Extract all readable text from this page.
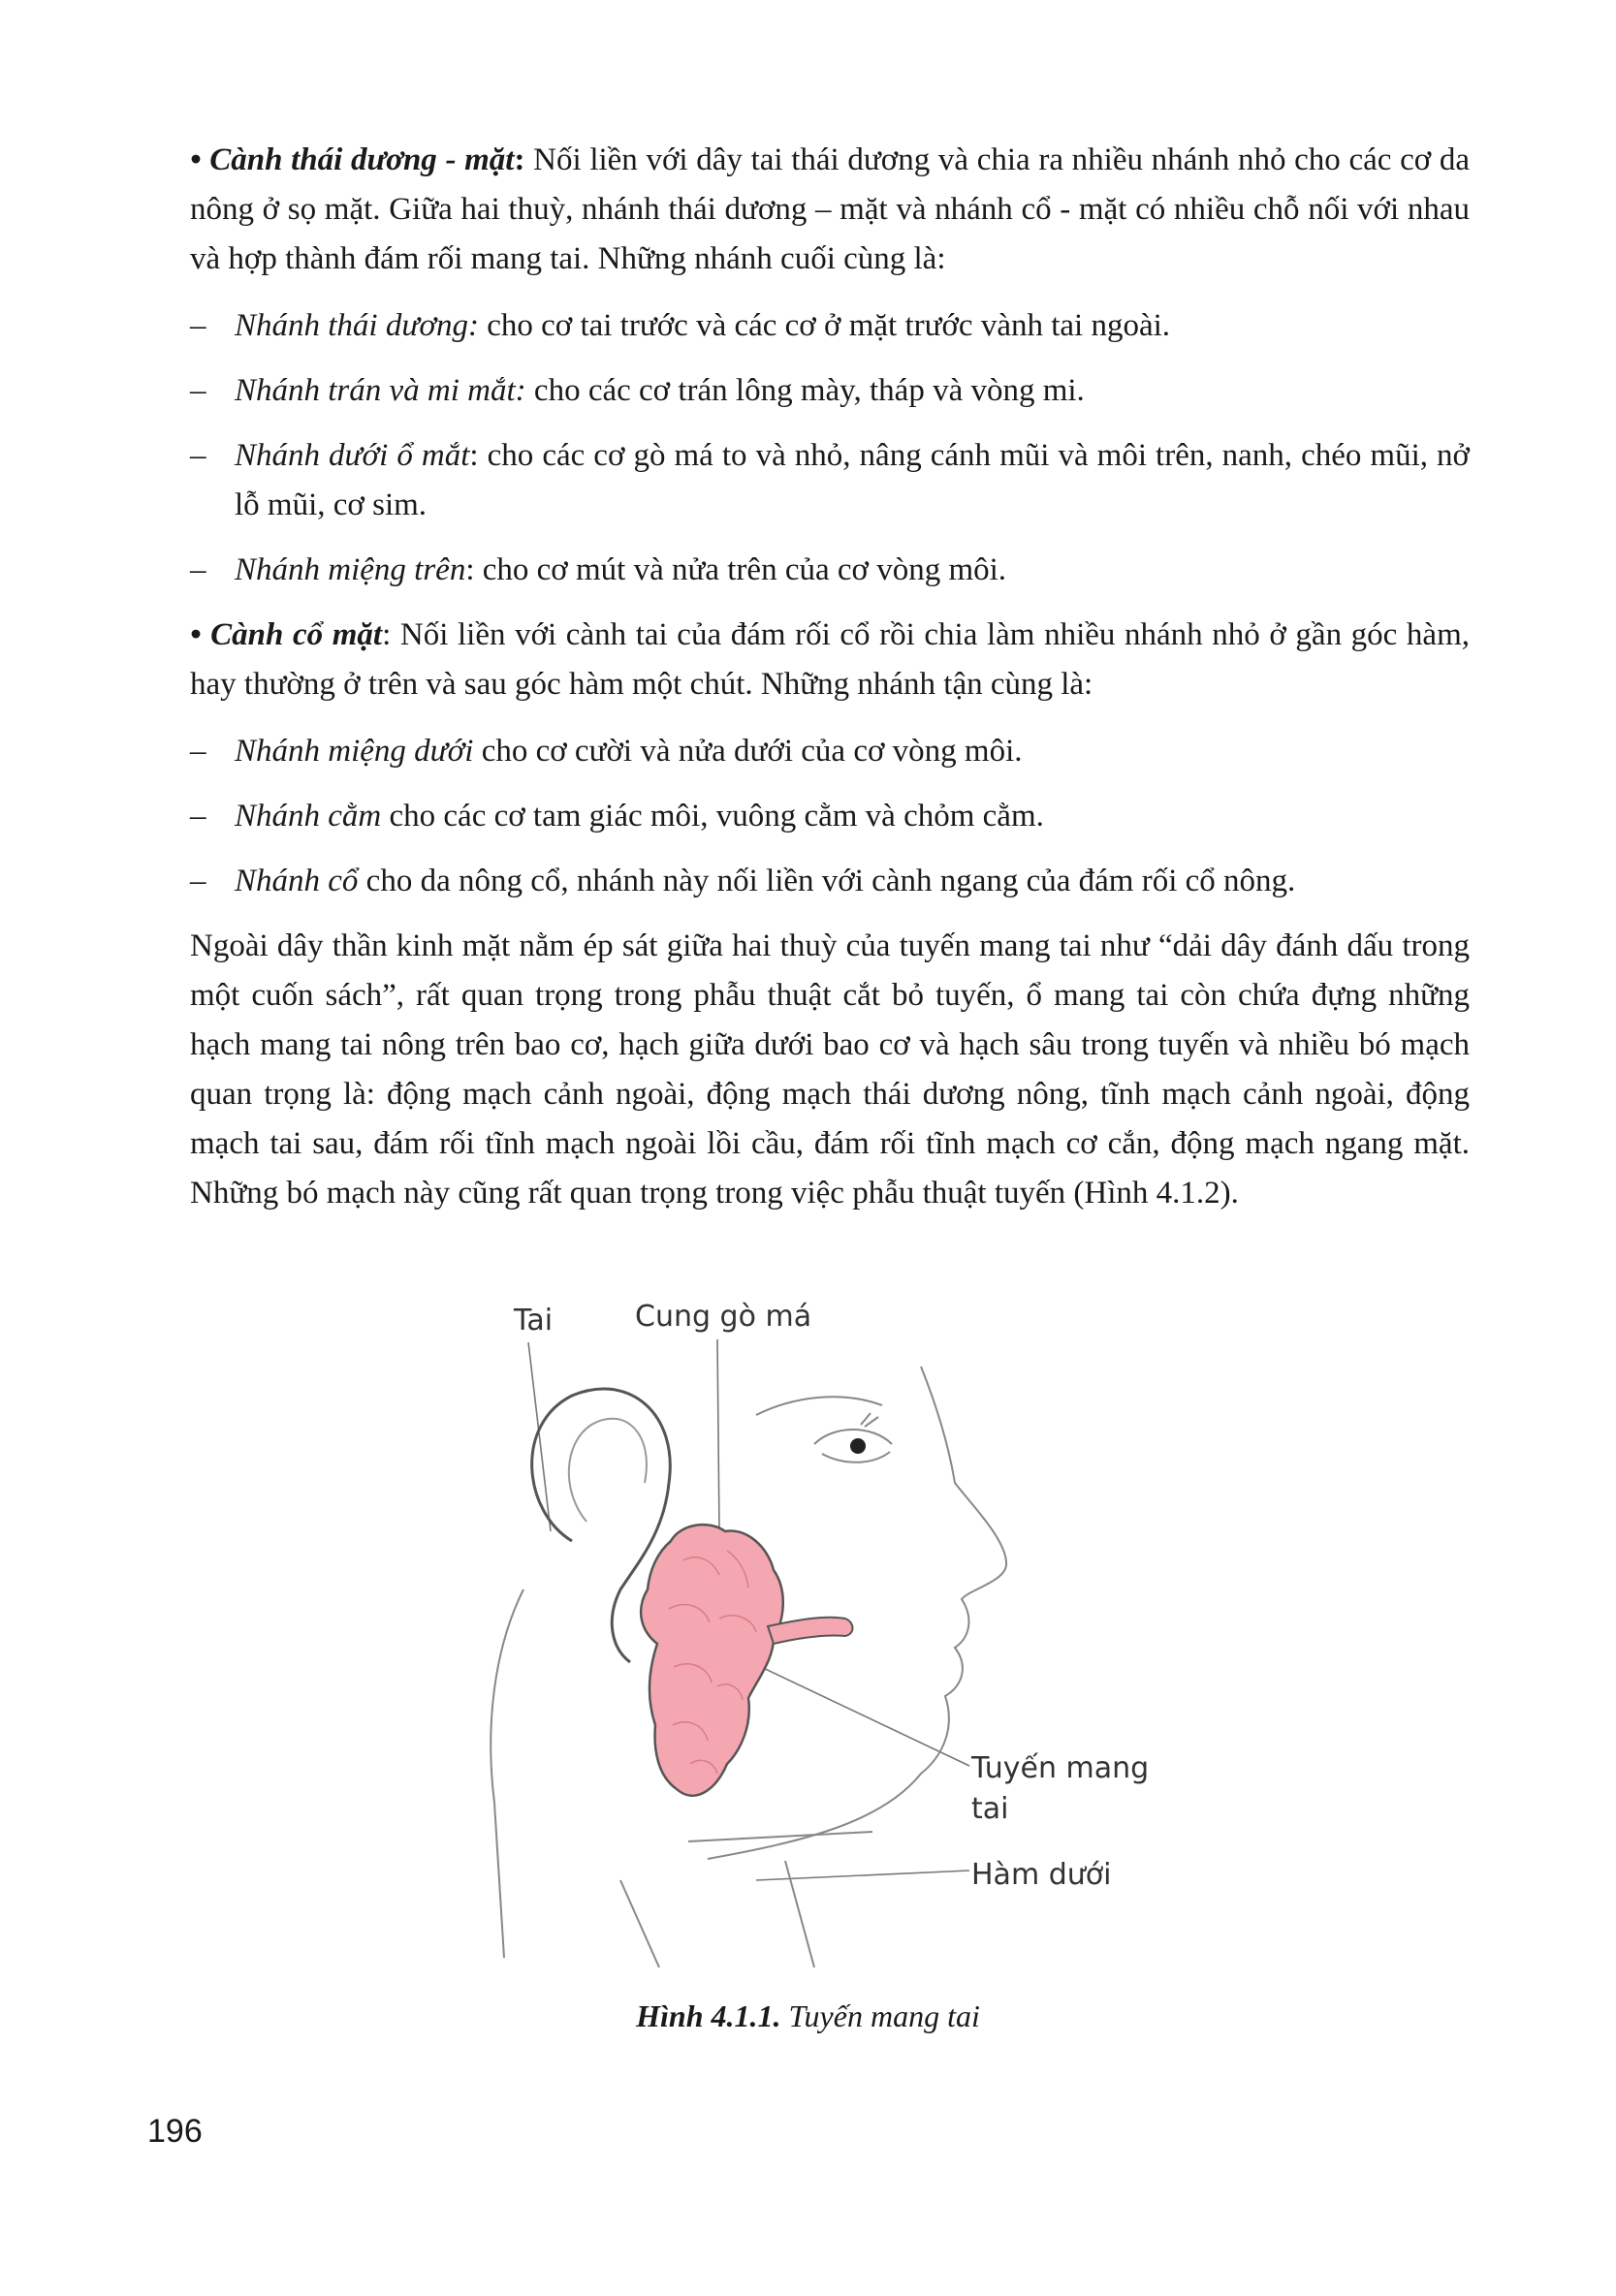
• Cành thái dương - mặt: Nối liền với dây tai thái dương và chia ra nhiều nhánh nhỏ cho các cơ da nông ở sọ mặt. Giữa hai thuỳ, nhánh thái dương – mặt và nhánh cổ - mặt có nhiều chỗ nối với nhau và hợp thành đám rối mang tai. Những nhánh cuối cùng là:

– Nhánh thái dương: cho cơ tai trước và các cơ ở mặt trước vành tai ngoài.

– Nhánh trán và mi mắt: cho các cơ trán lông mày, tháp và vòng mi.

– Nhánh dưới ổ mắt: cho các cơ gò má to và nhỏ, nâng cánh mũi và môi trên, nanh, chéo mũi, nở lỗ mũi, cơ sim.

– Nhánh miệng trên: cho cơ mút và nửa trên của cơ vòng môi.

• Cành cổ mặt: Nối liền với cành tai của đám rối cổ rồi chia làm nhiều nhánh nhỏ ở gần góc hàm, hay thường ở trên và sau góc hàm một chút. Những nhánh tận cùng là:

– Nhánh miệng dưới cho cơ cười và nửa dưới của cơ vòng môi.

– Nhánh cằm cho các cơ tam giác môi, vuông cằm và chỏm cằm.

– Nhánh cổ cho da nông cổ, nhánh này nối liền với cành ngang của đám rối cổ nông.

Ngoài dây thần kinh mặt nằm ép sát giữa hai thuỳ của tuyến mang tai như “dải dây đánh dấu trong một cuốn sách”, rất quan trọng trong phẫu thuật cắt bỏ tuyến, ổ mang tai còn chứa đựng những hạch mang tai nông trên bao cơ, hạch giữa dưới bao cơ và hạch sâu trong tuyến và nhiều bó mạch quan trọng là: động mạch cảnh ngoài, động mạch thái dương nông, tĩnh mạch cảnh ngoài, động mạch tai sau, đám rối tĩnh mạch ngoài lồi cầu, đám rối tĩnh mạch cơ cắn, động mạch ngang mặt. Những bó mạch này cũng rất quan trọng trong việc phẫu thuật tuyến (Hình 4.1.2).

Tai	Cung gò má
Tuyến mang
tai
Hàm dưới
Hình 4.1.1. Tuyến mang tai
196
